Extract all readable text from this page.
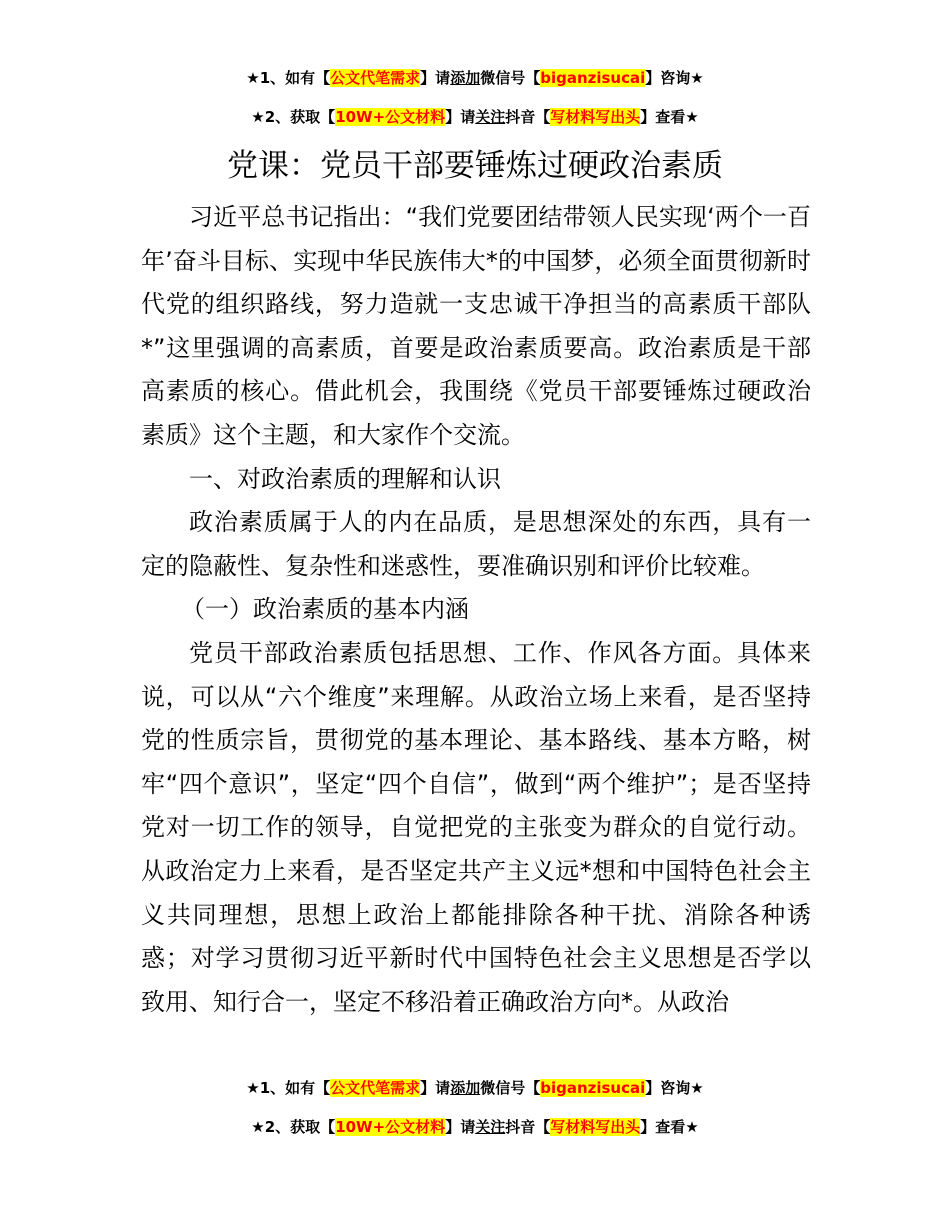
★1、如有【公文代笔需求】请添加微信号【biganzisucai】咨询★
★2、获取【10W+公文材料】请关注抖音【写材料写出头】查看★
党课：党员干部要锤炼过硬政治素质

习近平总书记指出：“我们党要团结带领人民实现‘两个一百年’奋斗目标、实现中华民族伟大*的中国梦，必须全面贯彻新时代党的组织路线，努力造就一支忠诚干净担当的高素质干部队*”这里强调的高素质，首要是政治素质要高。政治素质是干部高素质的核心。借此机会，我围绕《党员干部要锤炼过硬政治素质》这个主题，和大家作个交流。

一、对政治素质的理解和认识

政治素质属于人的内在品质，是思想深处的东西，具有一定的隐蔽性、复杂性和迷惑性，要准确识别和评价比较难。

（一）政治素质的基本内涵

党员干部政治素质包括思想、工作、作风各方面。具体来说，可以从“六个维度”来理解。从政治立场上来看，是否坚持党的性质宗旨，贯彻党的基本理论、基本路线、基本方略，树牢“四个意识”，坚定“四个自信”，做到“两个维护”；是否坚持党对一切工作的领导，自觉把党的主张变为群众的自觉行动。从政治定力上来看，是否坚定共产主义远*想和中国特色社会主义共同理想，思想上政治上都能排除各种干扰、消除各种诱惑；对学习贯彻习近平新时代中国特色社会主义思想是否学以致用、知行合一，坚定不移沿着正确政治方向*。从政治

★1、如有【公文代笔需求】请添加微信号【biganzisucai】咨询★
★2、获取【10W+公文材料】请关注抖音【写材料写出头】查看★
